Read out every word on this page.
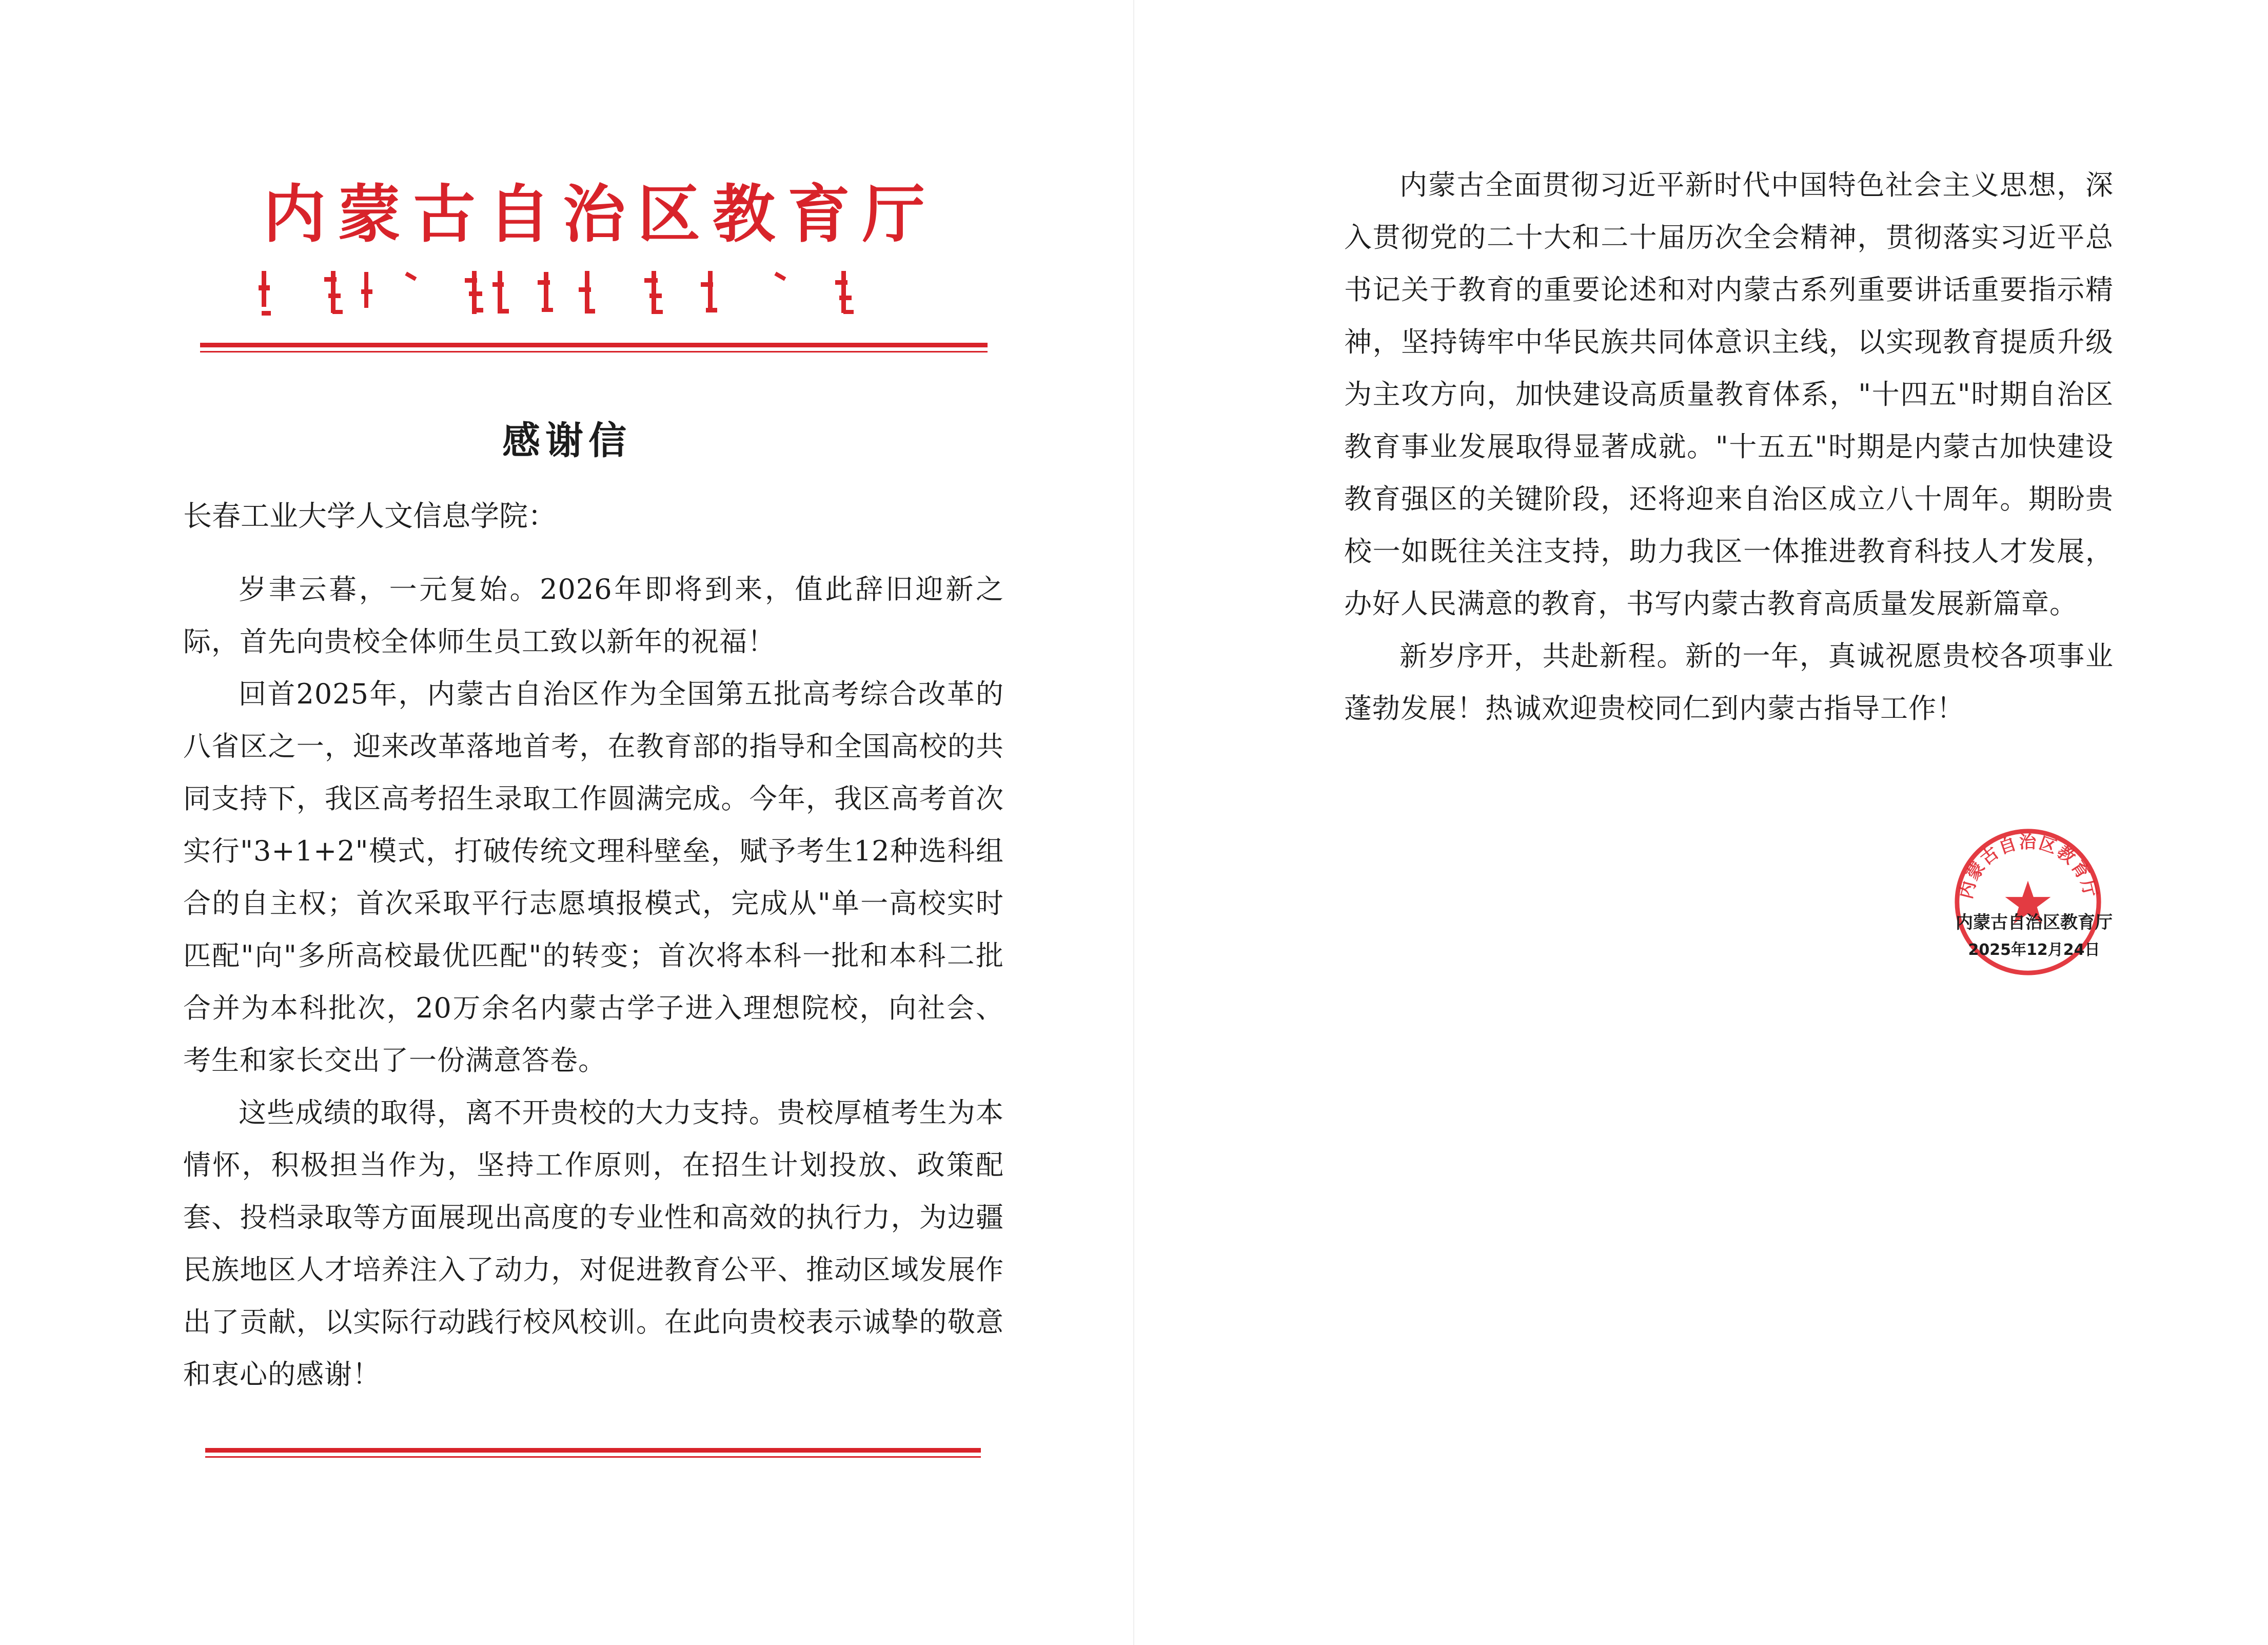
内蒙古自治区教育厅
感谢信
长春工业大学人文信息学院：

岁聿云暮，一元复始。2026年即将到来，值此辞旧迎新之际，首先向贵校全体师生员工致以新年的祝福！

回首2025年，内蒙古自治区作为全国第五批高考综合改革的八省区之一，迎来改革落地首考，在教育部的指导和全国高校的共同支持下，我区高考招生录取工作圆满完成。今年，我区高考首次实行"3+1+2"模式，打破传统文理科壁垒，赋予考生12种选科组合的自主权；首次采取平行志愿填报模式，完成从"单一高校实时匹配"向"多所高校最优匹配"的转变；首次将本科一批和本科二批合并为本科批次，20万余名内蒙古学子进入理想院校，向社会、考生和家长交出了一份满意答卷。

这些成绩的取得，离不开贵校的大力支持。贵校厚植考生为本情怀，积极担当作为，坚持工作原则，在招生计划投放、政策配套、投档录取等方面展现出高度的专业性和高效的执行力，为边疆民族地区人才培养注入了动力，对促进教育公平、推动区域发展作出了贡献，以实际行动践行校风校训。在此向贵校表示诚挚的敬意和衷心的感谢！

内蒙古全面贯彻习近平新时代中国特色社会主义思想，深入贯彻党的二十大和二十届历次全会精神，贯彻落实习近平总书记关于教育的重要论述和对内蒙古系列重要讲话重要指示精神，坚持铸牢中华民族共同体意识主线，以实现教育提质升级为主攻方向，加快建设高质量教育体系，"十四五"时期自治区教育事业发展取得显著成就。"十五五"时期是内蒙古加快建设教育强区的关键阶段，还将迎来自治区成立八十周年。期盼贵校一如既往关注支持，助力我区一体推进教育科技人才发展，办好人民满意的教育，书写内蒙古教育高质量发展新篇章。

新岁序开，共赴新程。新的一年，真诚祝愿贵校各项事业蓬勃发展！热诚欢迎贵校同仁到内蒙古指导工作！

内蒙古自治区教育厅
内蒙古自治区教育厅
2025年12月24日
